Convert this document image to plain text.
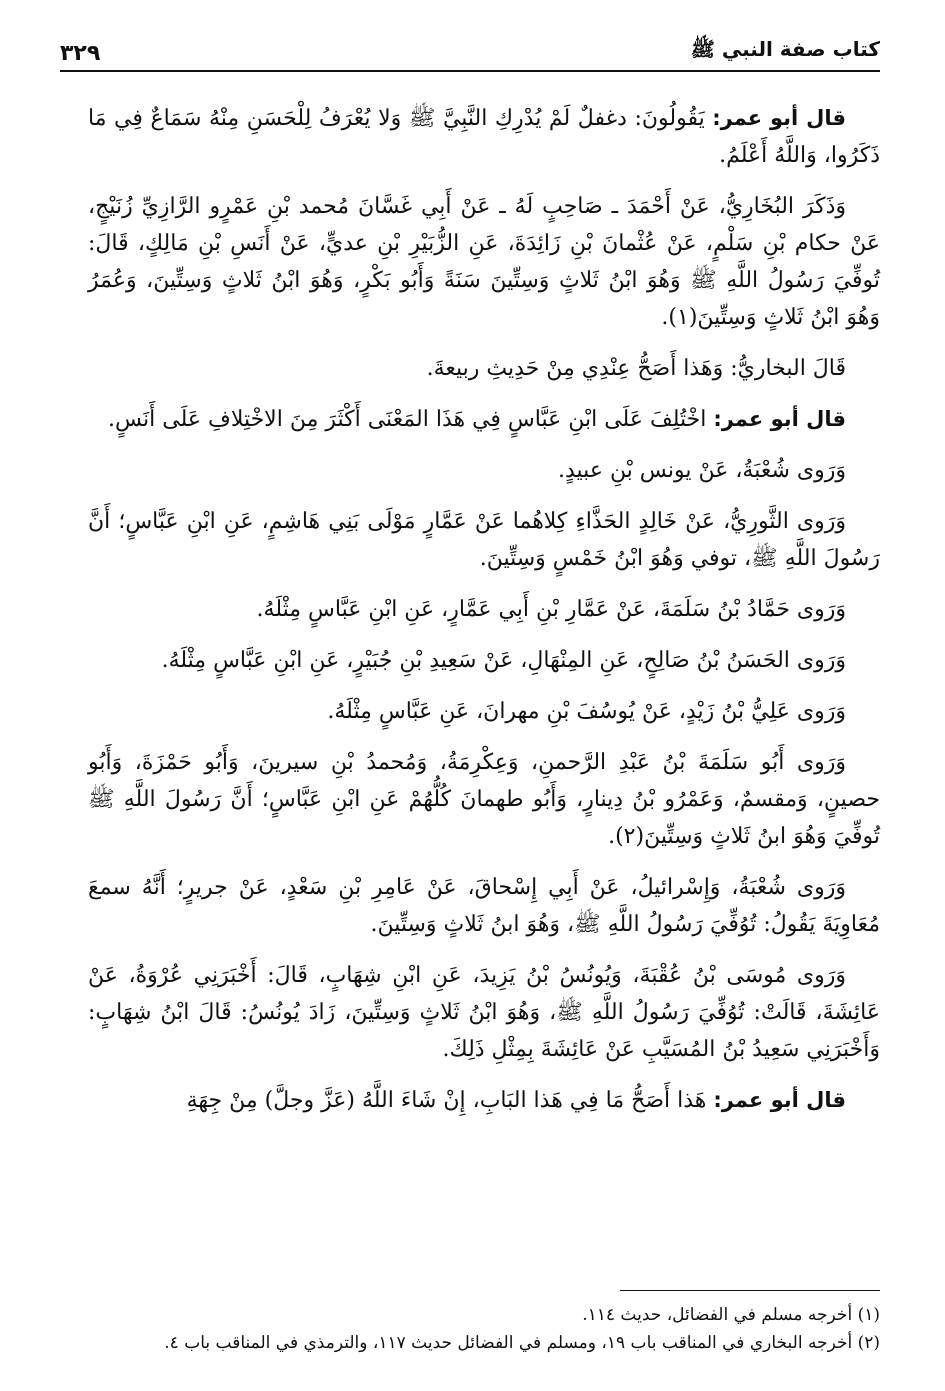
كتاب صفة النبي ﷺ
٣٢٩

قال أبو عمر: يَقُولُونَ: دغفلٌ لَمْ يُدْرِكِ النَّبِيَّ ﷺ وَلا يُعْرَفُ لِلْحَسَنِ مِنْهُ سَمَاعٌ فِي مَا ذَكَرُوا، وَاللَّهُ أَعْلَمُ.

وَذَكَرَ البُخَارِيُّ، عَنْ أَحْمَدَ ـ صَاحِبٍ لَهُ ـ عَنْ أَبِي غَسَّانَ مُحمد بْنِ عَمْرٍو الرَّازِيِّ زُنَيْجٍ، عَنْ حكام بْنِ سَلْمٍ، عَنْ عُثْمانَ بْنِ زَائِدَةَ، عَنِ الزُّبَيْرِ بْنِ عديٍّ، عَنْ أَنَسِ بْنِ مَالِكٍ، قَالَ: تُوفِّيَ رَسُولُ اللَّهِ ﷺ وَهُوَ ابْنُ ثَلاثٍ وَسِتِّينَ سَنَةً وَأَبُو بَكْرٍ، وَهُوَ ابْنُ ثَلاثٍ وَسِتِّينَ، وَعُمَرُ وَهُوَ ابْنُ ثَلاثٍ وَسِتِّينَ(١).

قَالَ البخاريُّ: وَهَذا أَصَحُّ عِنْدِي مِنْ حَدِيثِ ربيعةَ.

قال أبو عمر: اخْتُلِفَ عَلَى ابْنِ عَبَّاسٍ فِي هَذَا المَعْنَى أَكْثَرَ مِنَ الاخْتِلافِ عَلَى أَنَسٍ.

وَرَوى شُعْبَةُ، عَنْ يونس بْنِ عبيدٍ.

وَرَوى الثَّورِيُّ، عَنْ خَالِدٍ الحَذَّاءِ كِلاهُما عَنْ عَمَّارٍ مَوْلَى بَنِي هَاشِمٍ، عَنِ ابْنِ عَبَّاسٍ؛ أَنَّ رَسُولَ اللَّهِ ﷺ، توفي وَهُوَ ابْنُ خَمْسٍ وَسِتِّينَ.

وَرَوى حَمَّادُ بْنُ سَلَمَةَ، عَنْ عَمَّارِ بْنِ أَبِي عَمَّارٍ، عَنِ ابْنِ عَبَّاسٍ مِثْلَهُ.

وَرَوى الحَسَنُ بْنُ صَالِحٍ، عَنِ المِنْهَالِ، عَنْ سَعِيدِ بْنِ جُبَيْرٍ، عَنِ ابْنِ عَبَّاسٍ مِثْلَهُ.

وَرَوى عَلِيُّ بْنُ زَيْدٍ، عَنْ يُوسُفَ بْنِ مهرانَ، عَنِ عَبَّاسٍ مِثْلَهُ.

وَرَوى أَبُو سَلَمَةَ بْنُ عَبْدِ الرَّحمنِ، وَعِكْرِمَةُ، وَمُحمدُ بْنِ سيرينَ، وَأَبُو حَمْزَةَ، وَأَبُو حصينٍ، وَمقسمٌ، وَعَمْرُو بْنُ دِينارٍ، وَأَبُو طهمانَ كُلُّهُمْ عَنِ ابْنِ عَبَّاسٍ؛ أَنَّ رَسُولَ اللَّهِ ﷺ تُوفِّيَ وَهُوَ ابنُ ثَلاثٍ وَسِتِّينَ(٢).

وَرَوى شُعْبَةُ، وَإِسْرائيلُ، عَنْ أَبِي إِسْحاقَ، عَنْ عَامِرِ بْنِ سَعْدٍ، عَنْ جريرٍ؛ أَنَّهُ سمعَ مُعَاوِيَةَ يَقُولُ: تُوُفِّيَ رَسُولُ اللَّهِ ﷺ، وَهُوَ ابنُ ثَلاثٍ وَسِتِّينَ.

وَرَوى مُوسَى بْنُ عُقْبَةَ، وَيُونُسُ بْنُ يَزِيدَ، عَنِ ابْنِ شِهَابٍ، قَالَ: أَخْبَرَنِي عُرْوَةُ، عَنْ عَائِشَةَ، قَالَتْ: تُوُفِّيَ رَسُولُ اللَّهِ ﷺ، وَهُوَ ابْنُ ثَلاثٍ وَسِتِّينَ، زَادَ يُونُسُ: قَالَ ابْنُ شِهَابٍ: وَأَخْبَرَنِي سَعِيدُ بْنُ المُسَيَّبِ عَنْ عَائِشَةَ بِمِثْلِ ذَلِكَ.

قال أبو عمر: هَذا أَصَحُّ مَا فِي هَذا البَابِ، إِنْ شَاءَ اللَّهُ (عَزَّ وجلَّ) مِنْ جِهَةِ

(١) أخرجه مسلم في الفضائل، حديث ١١٤.

(٢) أخرجه البخاري في المناقب باب ١٩، ومسلم في الفضائل حديث ١١٧، والترمذي في المناقب باب ٤.
